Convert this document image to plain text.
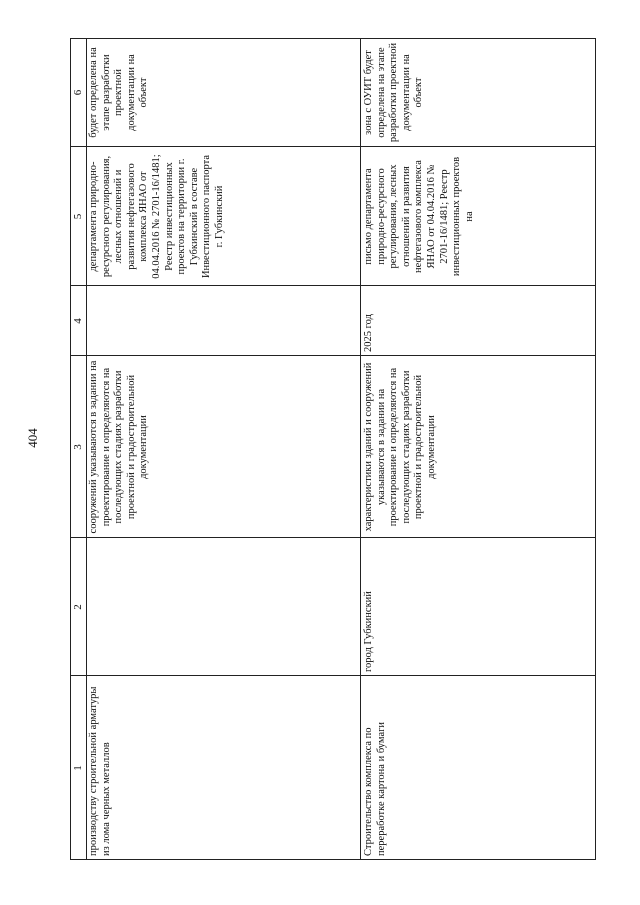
404
1
2
3
4
5
6
производству строительной арматуры из лома черных металлов
сооружений указываются в задании на проектирование и определяются на последующих стадиях разработки проектной и градостроительной документации
департамента природно-ресурсного регулирования, лесных отношений и развития нефтегазового комплекса ЯНАО от 04.04.2016 № 2701-16/1481; Реестр инвестиционных проектов на территории г. Губкинский в составе Инвестиционного паспорта г. Губкинский
будет определена на этапе разработки проектной документации на объект
Строительство комплекса по переработке картона и бумаги
город Губкинский
характеристики зданий и сооружений указываются в задании на проектирование и определяются на последующих стадиях разработки проектной и градостроительной документации
2025 год
письмо департамента природно-ресурсного регулирования, лесных отношений и развития нефтегазового комплекса ЯНАО от 04.04.2016 № 2701-16/1481; Реестр инвестиционных проектов на
зона с ОУИТ будет определена на этапе разработки проектной документации на объект
